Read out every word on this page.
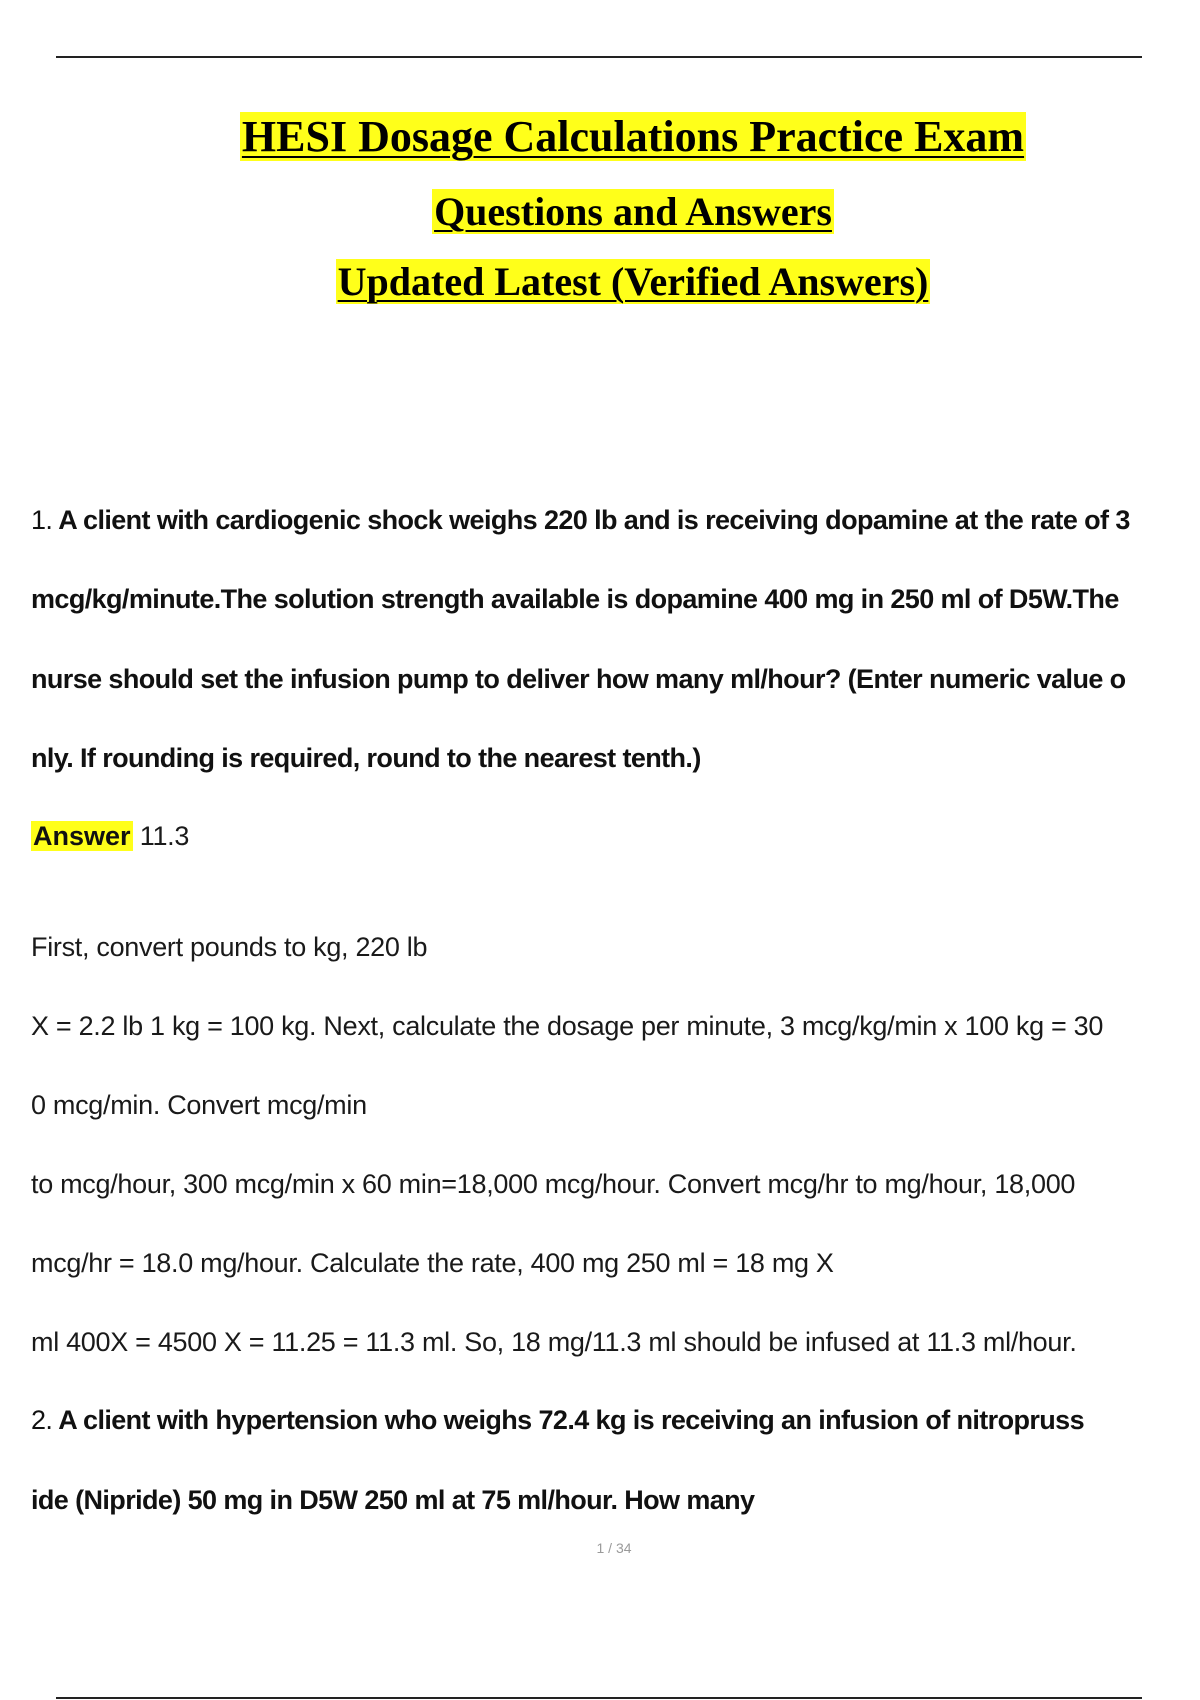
HESI Dosage Calculations Practice Exam

Questions and Answers

Updated Latest (Verified Answers)

1. A client with cardiogenic shock weighs 220 lb and is receiving dopamine at the rate of 3
mcg/kg/minute.The solution strength available is dopamine 400 mg in 250 ml of D5W.The
nurse should set the infusion pump to deliver how many ml/hour? (Enter numeric value o
nly. If rounding is required, round to the nearest tenth.)
Answer 11.3
First, convert pounds to kg, 220 lb
X = 2.2 lb 1 kg = 100 kg. Next, calculate the dosage per minute, 3 mcg/kg/min x 100 kg = 30
0 mcg/min. Convert mcg/min
to mcg/hour, 300 mcg/min x 60 min=18,000 mcg/hour. Convert mcg/hr to mg/hour, 18,000
mcg/hr = 18.0 mg/hour. Calculate the rate, 400 mg 250 ml = 18 mg X
ml 400X = 4500 X = 11.25 = 11.3 ml. So, 18 mg/11.3 ml should be infused at 11.3 ml/hour.
2. A client with hypertension who weighs 72.4 kg is receiving an infusion of nitropruss
ide (Nipride) 50 mg in D5W 250 ml at 75 ml/hour. How many
1 / 34
